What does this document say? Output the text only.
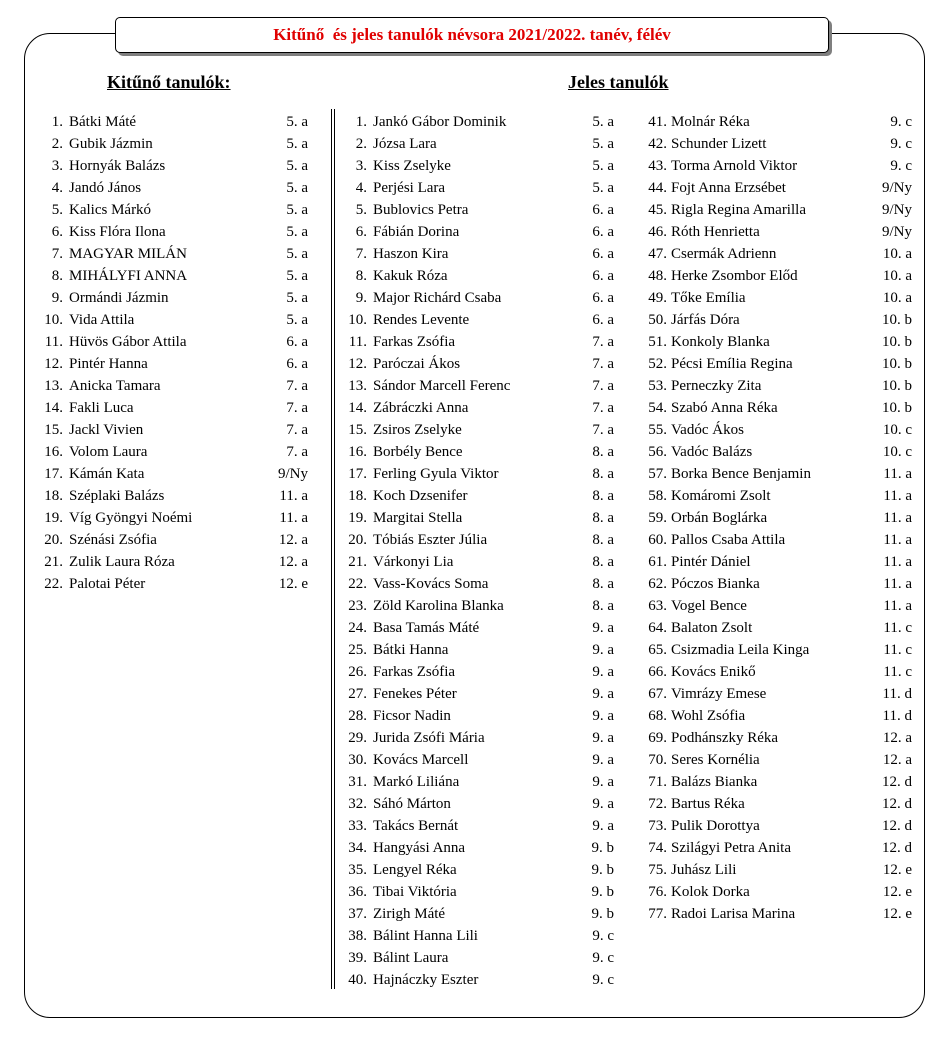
Kitűnő  és jeles tanulók névsora 2021/2022. tanév, félév
Kitűnő tanulók:	Jeles tanulók
1. Bátki Máté	5. a
2. Gubik Jázmin	5. a
3. Hornyák Balázs	5. a
4. Jandó János	5. a
5. Kalics Márkó	5. a
6. Kiss Flóra Ilona	5. a
7. MAGYAR MILÁN	5. a
8. MIHÁLYFI ANNA	5. a
9. Ormándi Jázmin	5. a
10. Vida Attila	5. a
11. Hüvös Gábor Attila	6. a
12. Pintér Hanna	6. a
13. Anicka Tamara	7. a
14. Fakli Luca	7. a
15. Jackl Vivien	7. a
16. Volom Laura	7. a
17. Kámán Kata	9/Ny
18. Széplaki Balázs	11. a
19. Víg Gyöngyi Noémi	11. a
20. Szénási Zsófia	12. a
21. Zulik Laura Róza	12. a
22. Palotai Péter	12. e
1. Jankó Gábor Dominik	5. a
2. Józsa Lara	5. a
3. Kiss Zselyke	5. a
4. Perjési Lara	5. a
5. Bublovics Petra	6. a
6. Fábián Dorina	6. a
7. Haszon Kira	6. a
8. Kakuk Róza	6. a
9. Major Richárd Csaba	6. a
10. Rendes Levente	6. a
11. Farkas Zsófia	7. a
12. Paróczai Ákos	7. a
13. Sándor Marcell Ferenc	7. a
14. Zábráczki Anna	7. a
15. Zsiros Zselyke	7. a
16. Borbély Bence	8. a
17. Ferling Gyula Viktor	8. a
18. Koch Dzsenifer	8. a
19. Margitai Stella	8. a
20. Tóbiás Eszter Júlia	8. a
21. Várkonyi Lia	8. a
22. Vass-Kovács Soma	8. a
23. Zöld Karolina Blanka	8. a
24. Basa Tamás Máté	9. a
25. Bátki Hanna	9. a
26. Farkas Zsófia	9. a
27. Fenekes Péter	9. a
28. Ficsor Nadin	9. a
29. Jurida Zsófi Mária	9. a
30. Kovács Marcell	9. a
31. Markó Liliána	9. a
32. Sáhó Márton	9. a
33. Takács Bernát	9. a
34. Hangyási Anna	9. b
35. Lengyel Réka	9. b
36. Tibai Viktória	9. b
37. Zirigh Máté	9. b
38. Bálint Hanna Lili	9. c
39. Bálint Laura	9. c
40. Hajnáczky Eszter	9. c
41. Molnár Réka	9. c
42. Schunder Lizett	9. c
43. Torma Arnold Viktor	9. c
44. Fojt Anna Erzsébet	9/Ny
45. Rigla Regina Amarilla	9/Ny
46. Róth Henrietta	9/Ny
47. Csermák Adrienn	10. a
48. Herke Zsombor Előd	10. a
49. Tőke Emília	10. a
50. Járfás Dóra	10. b
51. Konkoly Blanka	10. b
52. Pécsi Emília Regina	10. b
53. Perneczky Zita	10. b
54. Szabó Anna Réka	10. b
55. Vadóc Ákos	10. c
56. Vadóc Balázs	10. c
57. Borka Bence Benjamin	11. a
58. Komáromi Zsolt	11. a
59. Orbán Boglárka	11. a
60. Pallos Csaba Attila	11. a
61. Pintér Dániel	11. a
62. Póczos Bianka	11. a
63. Vogel Bence	11. a
64. Balaton Zsolt	11. c
65. Csizmadia Leila Kinga	11. c
66. Kovács Enikő	11. c
67. Vimrázy Emese	11. d
68. Wohl Zsófia	11. d
69. Podhánszky Réka	12. a
70. Seres Kornélia	12. a
71. Balázs Bianka	12. d
72. Bartus Réka	12. d
73. Pulik Dorottya	12. d
74. Szilágyi Petra Anita	12. d
75. Juhász Lili	12. e
76. Kolok Dorka	12. e
77. Radoi Larisa Marina	12. e
